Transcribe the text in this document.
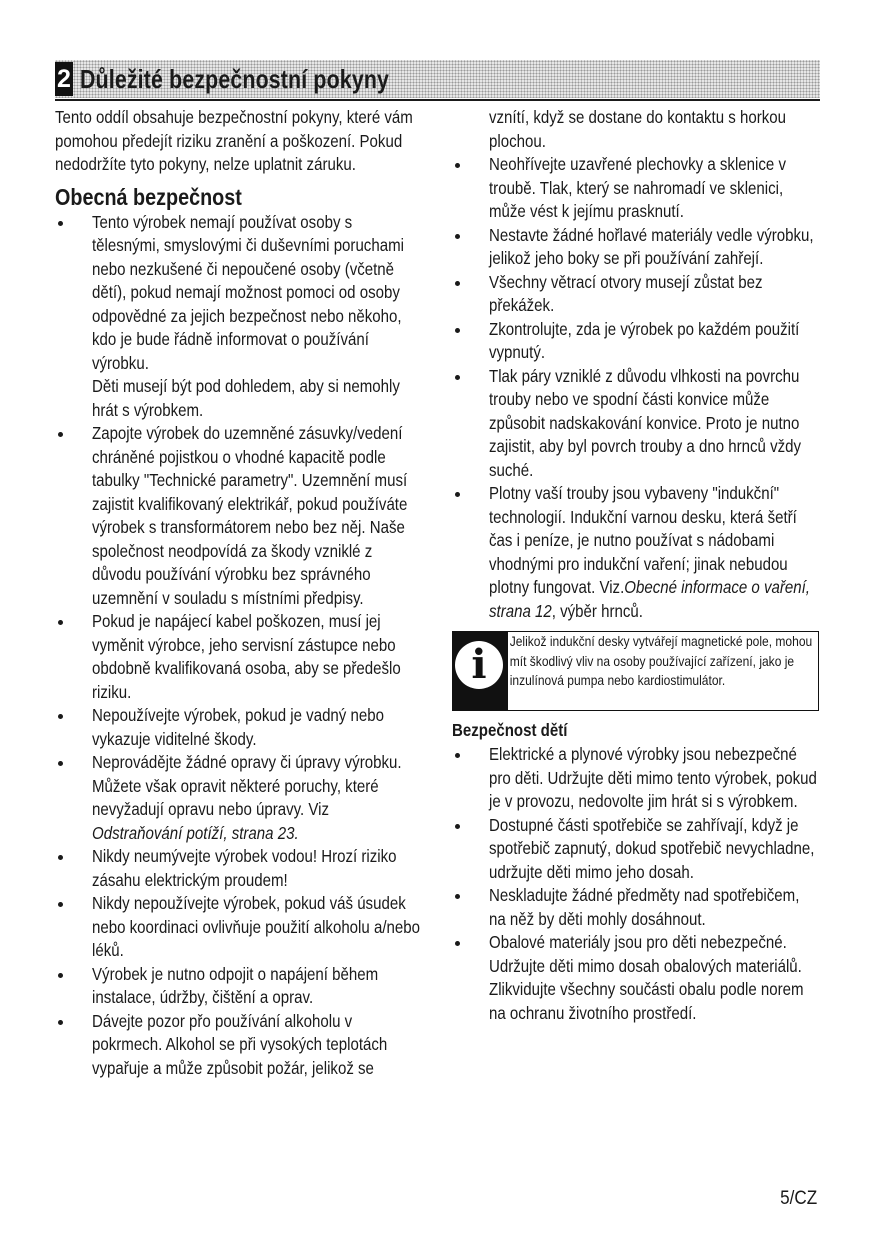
2 Důležité bezpečnostní pokyny

Tento oddíl obsahuje bezpečnostní pokyny, které vám pomohou předejít riziku zranění a poškození. Pokud nedodržíte tyto pokyny, nelze uplatnit záruku.

Obecná bezpečnost
Tento výrobek nemají používat osoby s tělesnými, smyslovými či duševními poruchami nebo nezkušené či nepoučené osoby (včetně dětí), pokud nemají možnost pomoci od osoby odpovědné za jejich bezpečnost nebo někoho, kdo je bude řádně informovat o používání výrobku.
Děti musejí být pod dohledem, aby si nemohly hrát s výrobkem.
Zapojte výrobek do uzemněné zásuvky/vedení chráněné pojistkou o vhodné kapacitě podle tabulky "Technické parametry". Uzemnění musí zajistit kvalifikovaný elektrikář, pokud používáte výrobek s transformátorem nebo bez něj. Naše společnost neodpovídá za škody vzniklé z důvodu používání výrobku bez správného uzemnění v souladu s místními předpisy.
Pokud je napájecí kabel poškozen, musí jej vyměnit výrobce, jeho servisní zástupce nebo obdobně kvalifikovaná osoba, aby se předešlo riziku.
Nepoužívejte výrobek, pokud je vadný nebo vykazuje viditelné škody.
Neprovádějte žádné opravy či úpravy výrobku. Můžete však opravit některé poruchy, které nevyžadují opravu nebo úpravy. Viz Odstraňování potíží, strana 23.
Nikdy neumývejte výrobek vodou! Hrozí riziko zásahu elektrickým proudem!
Nikdy nepoužívejte výrobek, pokud váš úsudek nebo koordinaci ovlivňuje použití alkoholu a/nebo léků.
Výrobek je nutno odpojit o napájení během instalace, údržby, čištění a oprav.
Dávejte pozor přo používání alkoholu v pokrmech. Alkohol se při vysokých teplotách vypařuje a může způsobit požár, jelikož se
vznítí, když se dostane do kontaktu s horkou plochou.
Neohřívejte uzavřené plechovky a sklenice v troubě. Tlak, který se nahromadí ve sklenici, může vést k jejímu prasknutí.
Nestavte žádné hořlavé materiály vedle výrobku, jelikož jeho boky se při používání zahřejí.
Všechny větrací otvory musejí zůstat bez překážek.
Zkontrolujte, zda je výrobek po každém použití vypnutý.
Tlak páry vzniklé z důvodu vlhkosti na povrchu trouby nebo ve spodní části konvice může způsobit nadskakování konvice. Proto je nutno zajistit, aby byl povrch trouby a dno hrnců vždy suché.
Plotny vaší trouby jsou vybaveny "indukční" technologií. Indukční varnou desku, která šetří čas i peníze, je nutno používat s nádobami vhodnými pro indukční vaření; jinak nebudou plotny fungovat. Viz.Obecné informace o vaření, strana 12, výběr hrnců.
i	Jelikož indukční desky vytvářejí magnetické pole, mohou mít škodlivý vliv na osoby používající zařízení, jako je inzulínová pumpa nebo kardiostimulátor.
Bezpečnost dětí
Elektrické a plynové výrobky jsou nebezpečné pro děti. Udržujte děti mimo tento výrobek, pokud je v provozu, nedovolte jim hrát si s výrobkem.
Dostupné části spotřebiče se zahřívají, když je spotřebič zapnutý, dokud spotřebič nevychladne, udržujte děti mimo jeho dosah.
Neskladujte žádné předměty nad spotřebičem, na něž by děti mohly dosáhnout.
Obalové materiály jsou pro děti nebezpečné. Udržujte děti mimo dosah obalových materiálů. Zlikvidujte všechny součásti obalu podle norem na ochranu životního prostředí.
5/CZ
